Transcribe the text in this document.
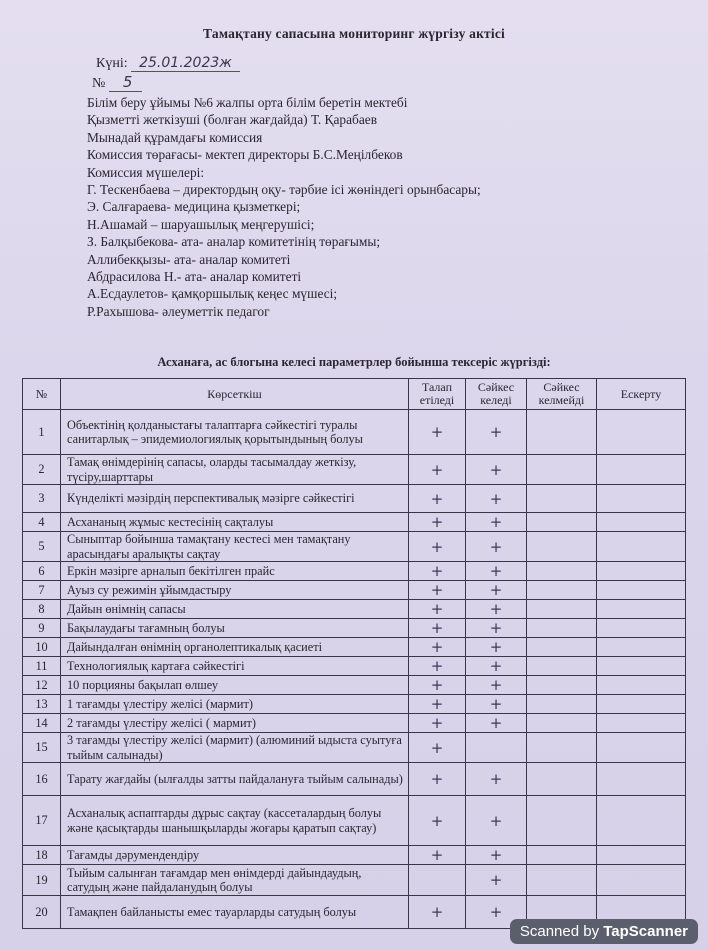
Тамақтану сапасына мониторинг жүргізу актісі
Күні: 25.01.2023ж
№ 5
Білім беру ұйымы №6 жалпы орта білім беретін мектебі
Қызметті жеткізуші (болған жағдайда) Т. Қарабаев
Мынадай құрамдағы комиссия
Комиссия төрағасы- мектеп директоры Б.С.Меңілбеков
Комиссия мүшелері:
Г. Тескенбаева – директордың оқу- тәрбие ісі жөніндегі орынбасары;
Э. Салғараева- медицина қызметкері;
Н.Ашамай – шаруашылық меңгерушісі;
З. Балқыбекова- ата- аналар комитетінің төрағымы;
Аллибекқызы- ата- аналар комитеті
Абдрасилова Н.- ата- аналар комитеті
А.Есдаулетов- қамқоршылық кеңес мүшесі;
Р.Рахышова- әлеуметтік педагог
Асханаға, ас блогына келесі параметрлер бойынша тексеріс жүргізді:
№	Көрсеткіш	Талап етіледі	Сәйкес келеді	Сәйкес келмейді	Ескерту
1	Объектінің қолданыстағы талаптарға сәйкестігі туралы санитарлық – эпидемиологиялық қорытындының болуы	+	+		
2	Тамақ өнімдерінің сапасы, оларды тасымалдау жеткізу, түсіру,шарттары	+	+		
3	Күнделікті мәзірдің перспективалық мәзірге сәйкестігі	+	+		
4	Асхананың жұмыс кестесінің сақталуы	+	+		
5	Сыныптар бойынша тамақтану кестесі мен тамақтану арасындағы аралықты сақтау	+	+		
6	Еркін мәзірге арналып бекітілген прайс	+	+		
7	Ауыз су режимін ұйымдастыру	+	+		
8	Дайын өнімнің сапасы	+	+		
9	Бақылаудағы тағамның болуы	+	+		
10	Дайындалған өнімнің органолептикалық қасиеті	+	+		
11	Технологиялық картаға сәйкестігі	+	+		
12	10 порцияны бақылап өлшеу	+	+		
13	1 тағамды үлестіру желісі (мармит)	+	+		
14	2 тағамды үлестіру желісі ( мармит)	+	+		
15	3 тағамды үлестіру желісі (мармит) (алюминий ыдыста суытуға тыйым салынады)	+			
16	Тарату жағдайы (ылғалды затты пайдалануға тыйым салынады)	+	+		
17	Асханалық аспаптарды дұрыс сақтау (кассеталардың болуы және қасықтарды шанышқыларды жоғары қаратып сақтау)	+	+		
18	Тағамды дәрумендендіру	+	+		
19	Тыйым салынған тағамдар мен өнімдерді дайындаудың, сатудың және пайдаланудың болуы		+		
20	Тамақпен байланысты емес тауарларды сатудың болуы	+	+		
Scanned by TapScanner
